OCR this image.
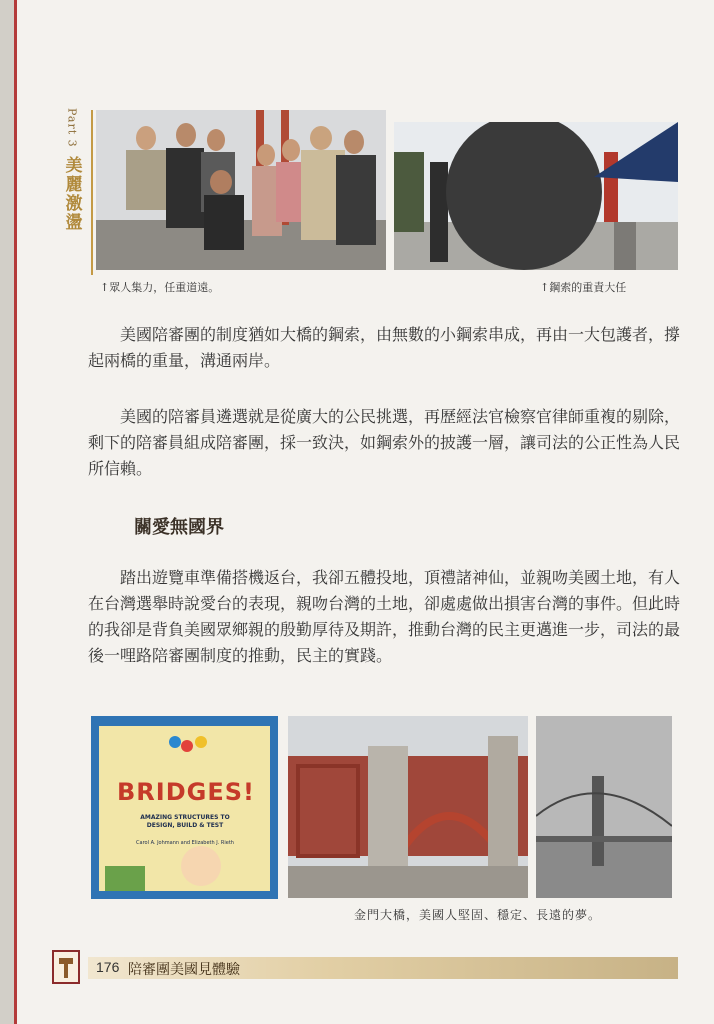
Part 3
美麗激盪
↑眾人集力，任重道遠。	↑鋼索的重責大任
美國陪審團的制度猶如大橋的鋼索，由無數的小鋼索串成，再由一大包護者，撐起兩橋的重量，溝通兩岸。
美國的陪審員遴選就是從廣大的公民挑選，再歷經法官檢察官律師重複的剔除，剩下的陪審員組成陪審團，採一致決，如鋼索外的披護一層，讓司法的公正性為人民所信賴。
關愛無國界
踏出遊覽車準備搭機返台，我卻五體投地，頂禮諸神仙，並親吻美國土地，有人在台灣選舉時說愛台的表現，親吻台灣的土地，卻處處做出損害台灣的事件。但此時的我卻是背負美國眾鄉親的殷勤厚待及期許，推動台灣的民主更邁進一步，司法的最後一哩路陪審團制度的推動，民主的實踐。
BRIDGES!
AMAZING STRUCTURES TO DESIGN, BUILD & TEST
Carol A. Johmann and Elizabeth J. Rieth
金門大橋，美國人堅固、穩定、長遠的夢。
176 陪審團美國見體驗
